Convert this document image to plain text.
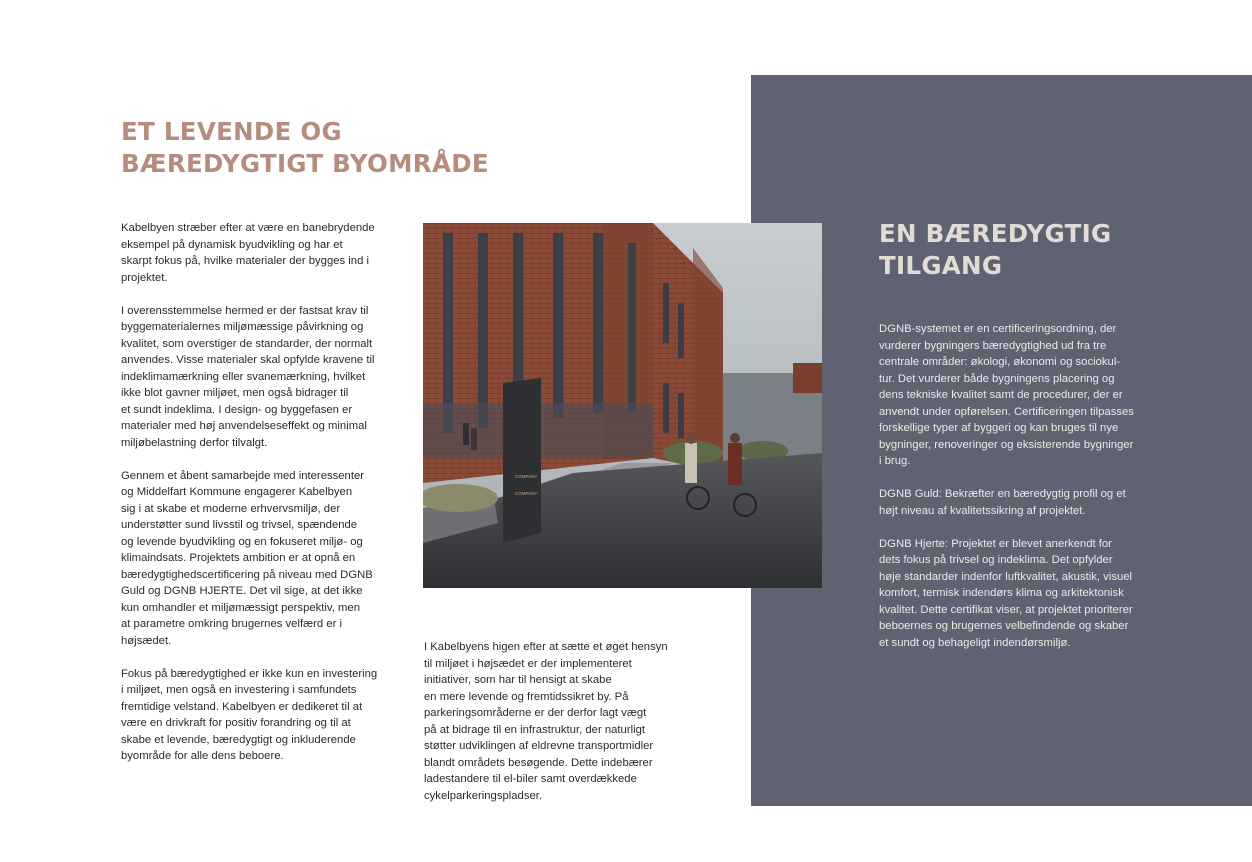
ET LEVENDE OG
BÆREDYGTIGT BYOMRÅDE
EN BÆREDYGTIG
TILGANG

Kabelbyen stræber efter at være en banebrydende
eksempel på dynamisk byudvikling og har et
skarpt fokus på, hvilke materialer der bygges ind i
projektet.

I overensstemmelse hermed er der fastsat krav til
byggematerialernes miljømæssige påvirkning og
kvalitet, som overstiger de standarder, der normalt
anvendes. Visse materialer skal opfylde kravene til
indeklimamærkning eller svanemærkning, hvilket
ikke blot gavner miljøet, men også bidrager til
et sundt indeklima. I design- og byggefasen er
materialer med høj anvendelseseffekt og minimal
miljøbelastning derfor tilvalgt.

Gennem et åbent samarbejde med interessenter
og Middelfart Kommune engagerer Kabelbyen
sig i at skabe et moderne erhvervsmiljø, der
understøtter sund livsstil og trivsel, spændende
og levende byudvikling og en fokuseret miljø- og
klimaindsats. Projektets ambition er at opnå en
bæredygtighedscertificering på niveau med DGNB
Guld og DGNB HJERTE. Det vil sige, at det ikke
kun omhandler et miljømæssigt perspektiv, men
at parametre omkring brugernes velfærd er i
højsædet.

Fokus på bæredygtighed er ikke kun en investering
i miljøet, men også en investering i samfundets
fremtidige velstand. Kabelbyen er dedikeret til at
være en drivkraft for positiv forandring og til at
skabe et levende, bæredygtigt og inkluderende
byområde for alle dens beboere.

COMPANY
COMPANY

I Kabelbyens higen efter at sætte et øget hensyn
til miljøet i højsædet er der implementeret
initiativer, som har til hensigt at skabe
en mere levende og fremtidssikret by. På
parkeringsområderne er der derfor lagt vægt
på at bidrage til en infrastruktur, der naturligt
støtter udviklingen af eldrevne transportmidler
blandt områdets besøgende. Dette indebærer
ladestandere til el-biler samt overdækkede
cykelparkeringspladser.

DGNB-systemet er en certificeringsordning, der
vurderer bygningers bæredygtighed ud fra tre
centrale områder: økologi, økonomi og sociokul-
tur. Det vurderer både bygningens placering og
dens tekniske kvalitet samt de procedurer, der er
anvendt under opførelsen. Certificeringen tilpasses
forskellige typer af byggeri og kan bruges til nye
bygninger, renoveringer og eksisterende bygninger
i brug.

DGNB Guld: Bekræfter en bæredygtig profil og et
højt niveau af kvalitetssikring af projektet.

DGNB Hjerte: Projektet er blevet anerkendt for
dets fokus på trivsel og indeklima. Det opfylder
høje standarder indenfor luftkvalitet, akustik, visuel
komfort, termisk indendørs klima og arkitektonisk
kvalitet. Dette certifikat viser, at projektet prioriterer
beboernes og brugernes velbefindende og skaber
et sundt og behageligt indendørsmiljø.
